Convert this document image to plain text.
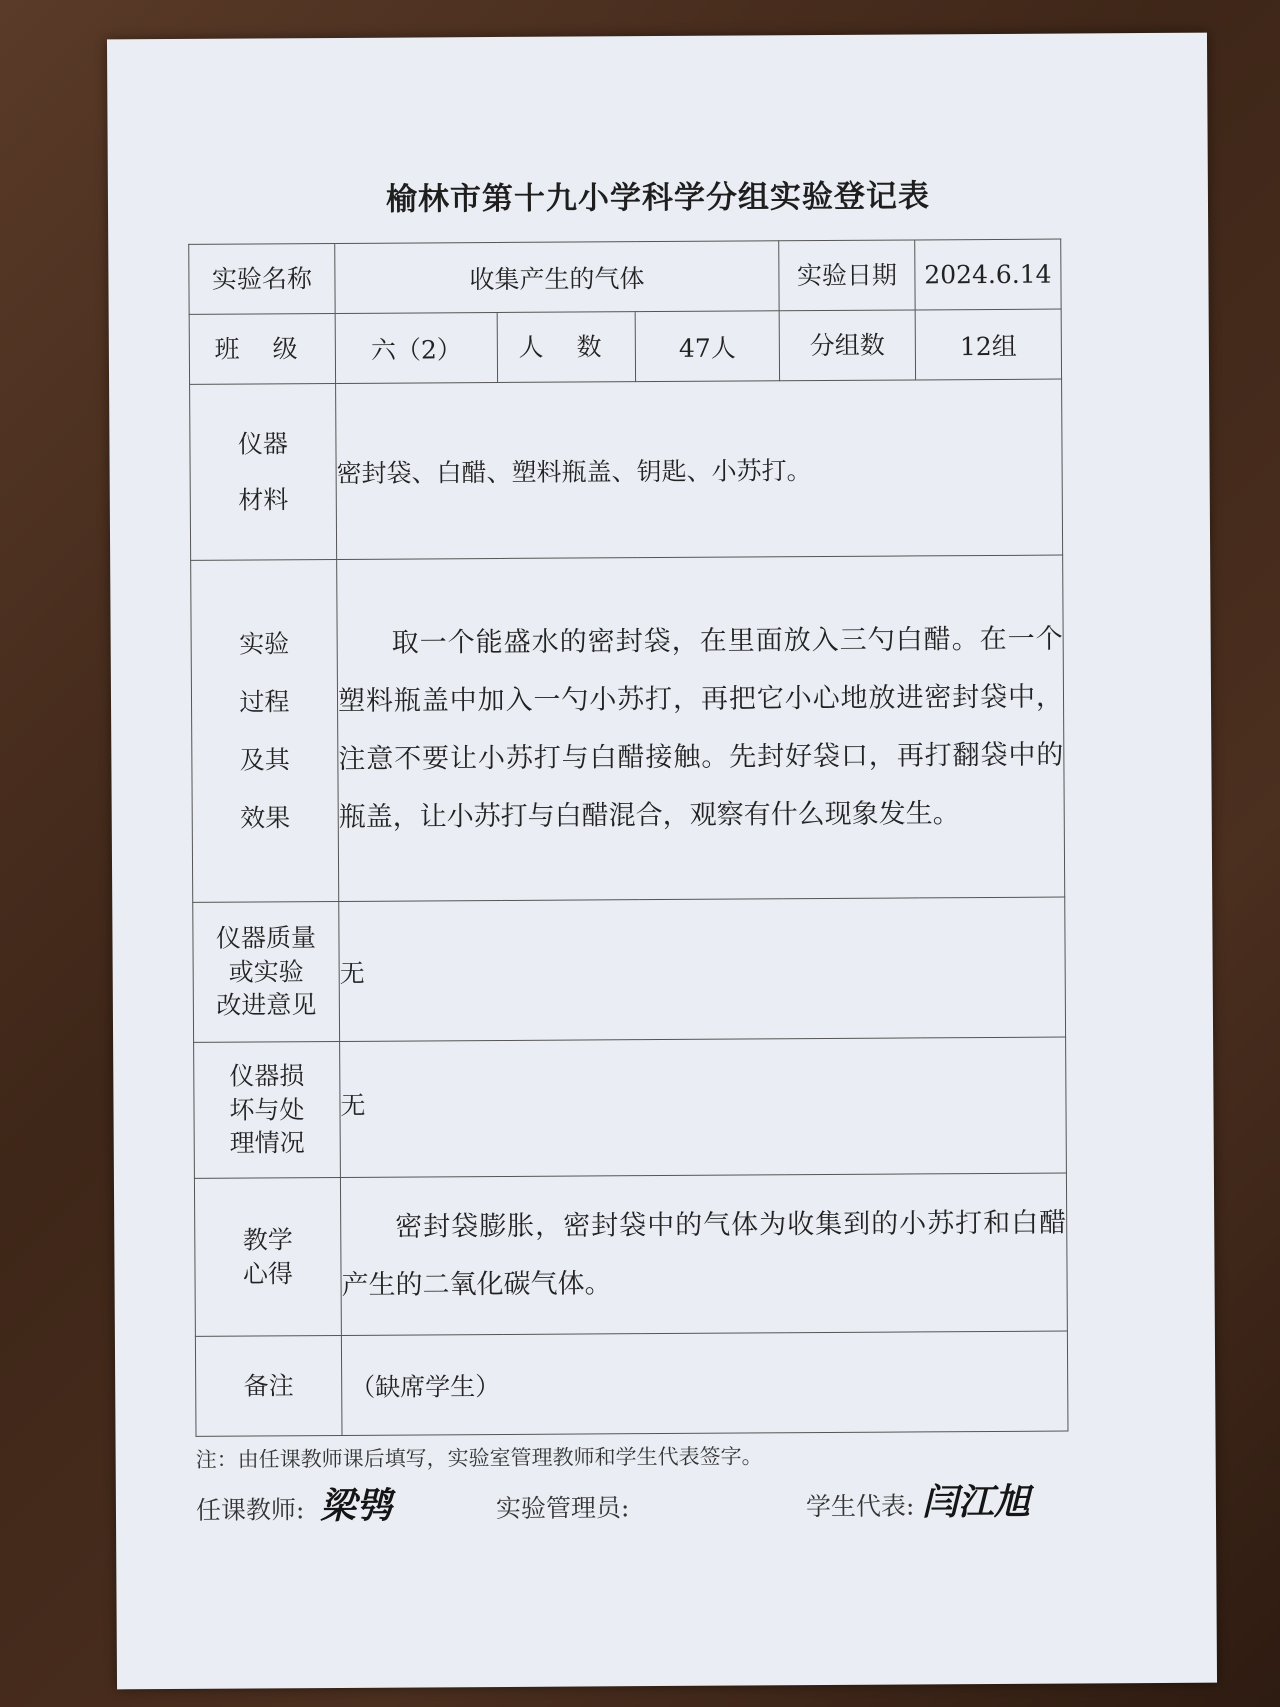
榆林市第十九小学科学分组实验登记表
实验名称	收集产生的气体			实验日期	2024.6.14
班 级	六（2）	人 数	47人	分组数	12组

仪器
材料	密封袋、白醋、塑料瓶盖、钥匙、小苏打。				

实验
过程
及其
效果	取一个能盛水的密封袋，在里面放入三勺白醋。在一个塑料瓶盖中加入一勺小苏打，再把它小心地放进密封袋中，注意不要让小苏打与白醋接触。先封好袋口，再打翻袋中的瓶盖，让小苏打与白醋混合，观察有什么现象发生。				

仪器质量
或实验
改进意见	无				

仪器损
坏与处
理情况	无				

教学
心得	密封袋膨胀，密封袋中的气体为收集到的小苏打和白醋产生的二氧化碳气体。				
备注	（缺席学生）				
注：由任课教师课后填写，实验室管理教师和学生代表签字。
任课教师: 梁鸮	实验管理员:	学生代表: 闫江旭
